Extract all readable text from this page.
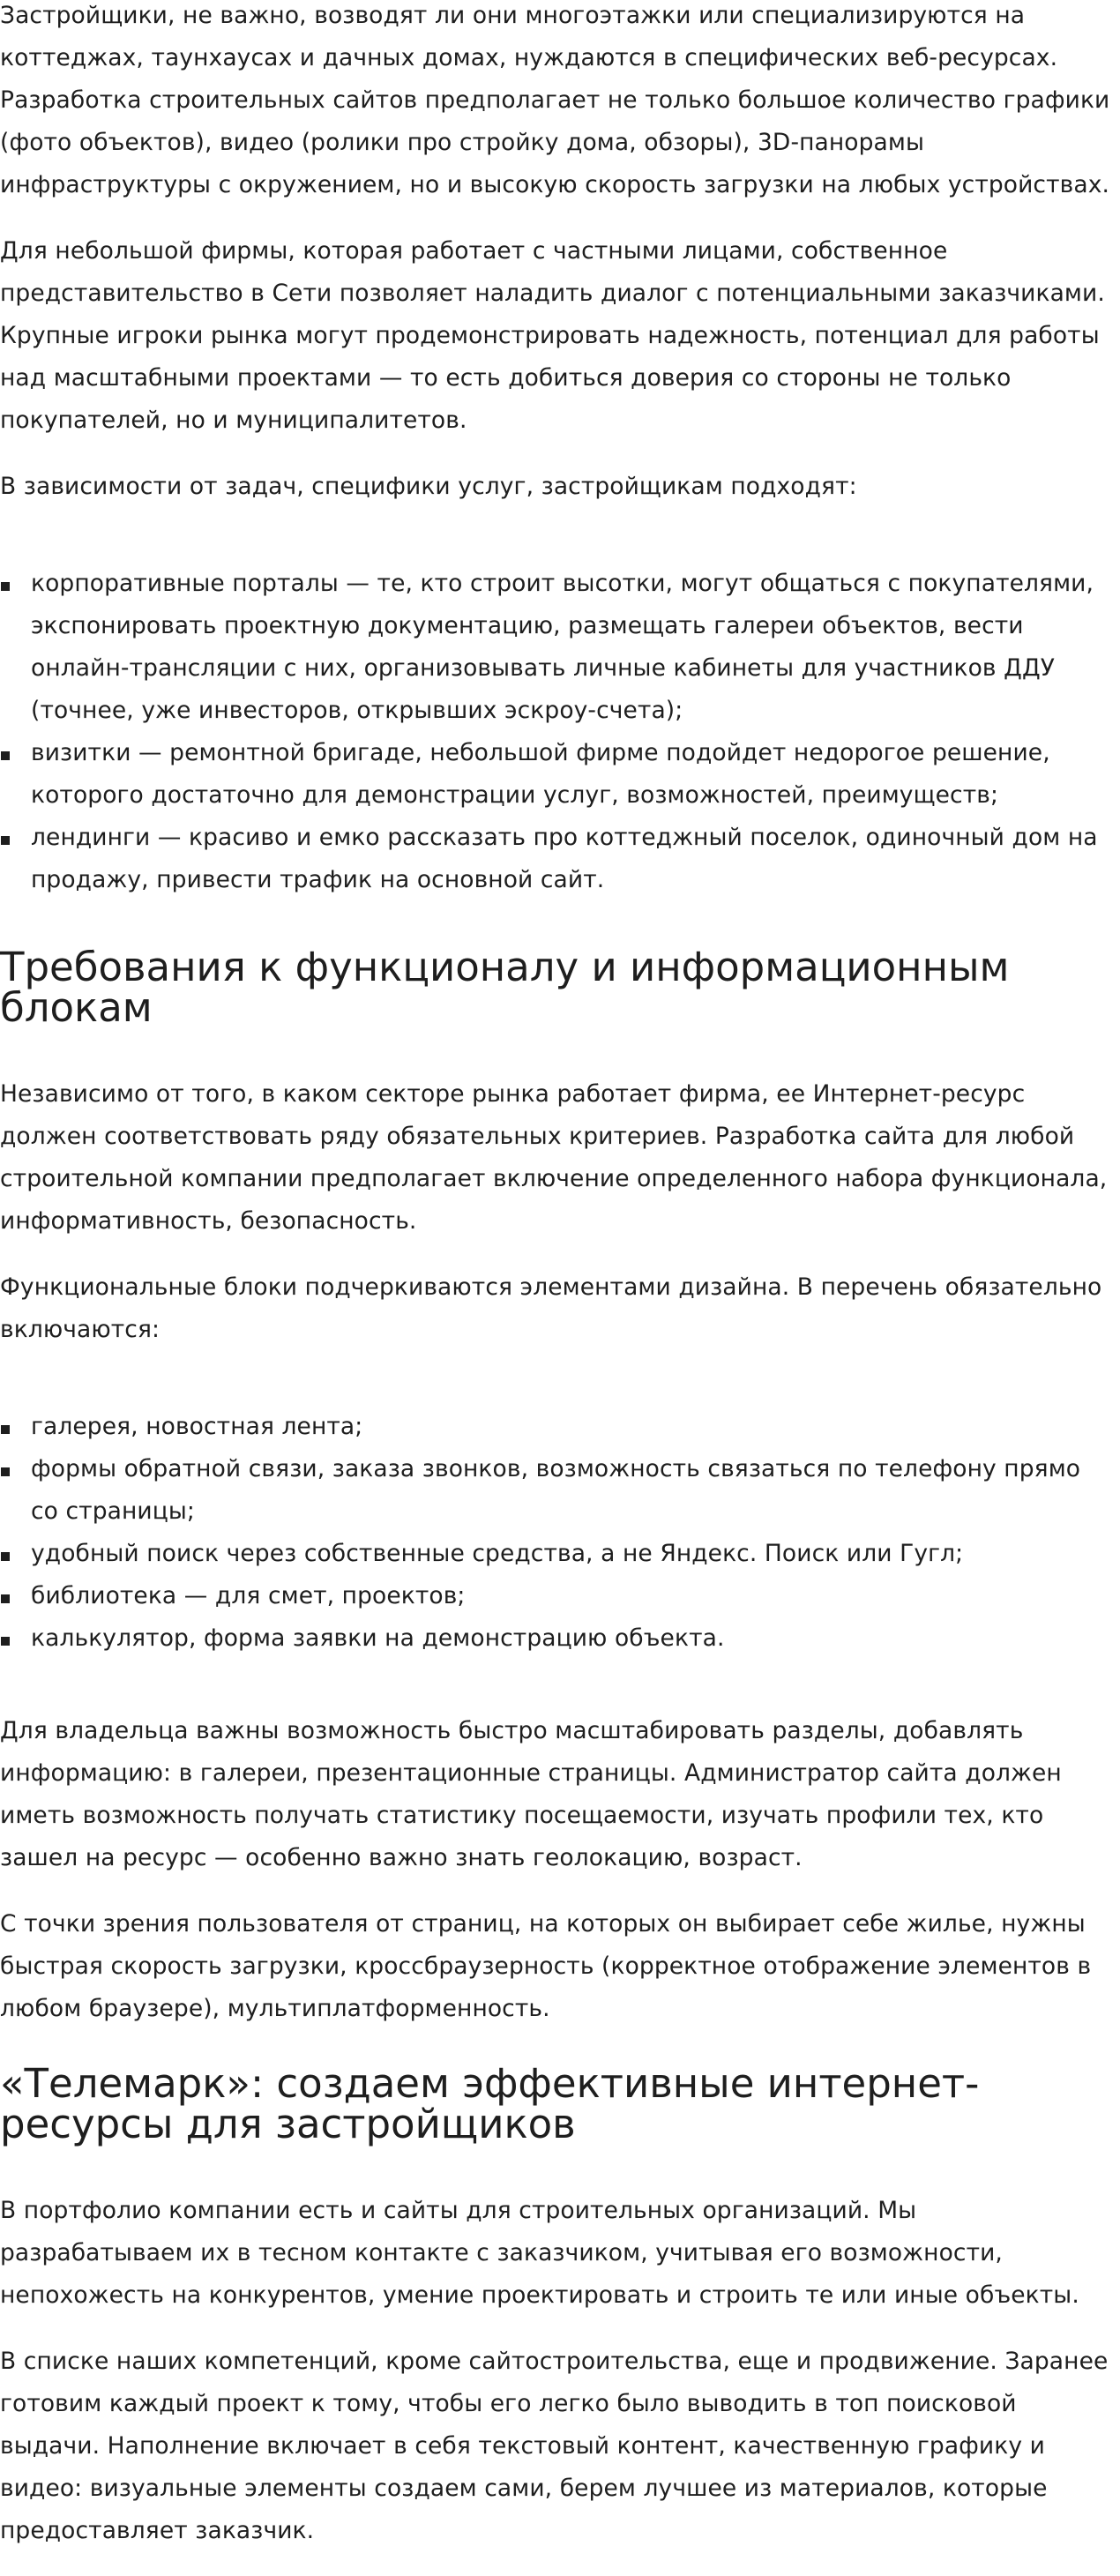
Застройщики, не важно, возводят ли они многоэтажки или специализируются на коттеджах, таунхаусах и дачных домах, нуждаются в специфических веб-ресурсах. Разработка строительных сайтов предполагает не только большое количество графики (фото объектов), видео (ролики про стройку дома, обзоры), 3D-панорамы инфраструктуры с окружением, но и высокую скорость загрузки на любых устройствах.

Для небольшой фирмы, которая работает с частными лицами, собственное представительство в Сети позволяет наладить диалог с потенциальными заказчиками. Крупные игроки рынка могут продемонстрировать надежность, потенциал для работы над масштабными проектами — то есть добиться доверия со стороны не только покупателей, но и муниципалитетов.

В зависимости от задач, специфики услуг, застройщикам подходят:

корпоративные порталы — те, кто строит высотки, могут общаться с покупателями, экспонировать проектную документацию, размещать галереи объектов, вести онлайн-трансляции с них, организовывать личные кабинеты для участников ДДУ (точнее, уже инвесторов, открывших эскроу-счета);
визитки — ремонтной бригаде, небольшой фирме подойдет недорогое решение, которого достаточно для демонстрации услуг, возможностей, преимуществ;
лендинги — красиво и емко рассказать про коттеджный поселок, одиночный дом на продажу, привести трафик на основной сайт.
Требования к функционалу и информационным блокам

Независимо от того, в каком секторе рынка работает фирма, ее Интернет-ресурс должен соответствовать ряду обязательных критериев. Разработка сайта для любой строительной компании предполагает включение определенного набора функционала, информативность, безопасность.

Функциональные блоки подчеркиваются элементами дизайна. В перечень обязательно включаются:

галерея, новостная лента;
формы обратной связи, заказа звонков, возможность связаться по телефону прямо со страницы;
удобный поиск через собственные средства, а не Яндекс. Поиск или Гугл;
библиотека — для смет, проектов;
калькулятор, форма заявки на демонстрацию объекта.

Для владельца важны возможность быстро масштабировать разделы, добавлять информацию: в галереи, презентационные страницы. Администратор сайта должен иметь возможность получать статистику посещаемости, изучать профили тех, кто зашел на ресурс — особенно важно знать геолокацию, возраст.

С точки зрения пользователя от страниц, на которых он выбирает себе жилье, нужны быстрая скорость загрузки, кроссбраузерность (корректное отображение элементов в любом браузере), мультиплатформенность.

«Телемарк»: создаем эффективные интернет-ресурсы для застройщиков

В портфолио компании есть и сайты для строительных организаций. Мы разрабатываем их в тесном контакте с заказчиком, учитывая его возможности, непохожесть на конкурентов, умение проектировать и строить те или иные объекты.

В списке наших компетенций, кроме сайтостроительства, еще и продвижение. Заранее готовим каждый проект к тому, чтобы его легко было выводить в топ поисковой выдачи. Наполнение включает в себя текстовый контент, качественную графику и видео: визуальные элементы создаем сами, берем лучшее из материалов, которые предоставляет заказчик.
